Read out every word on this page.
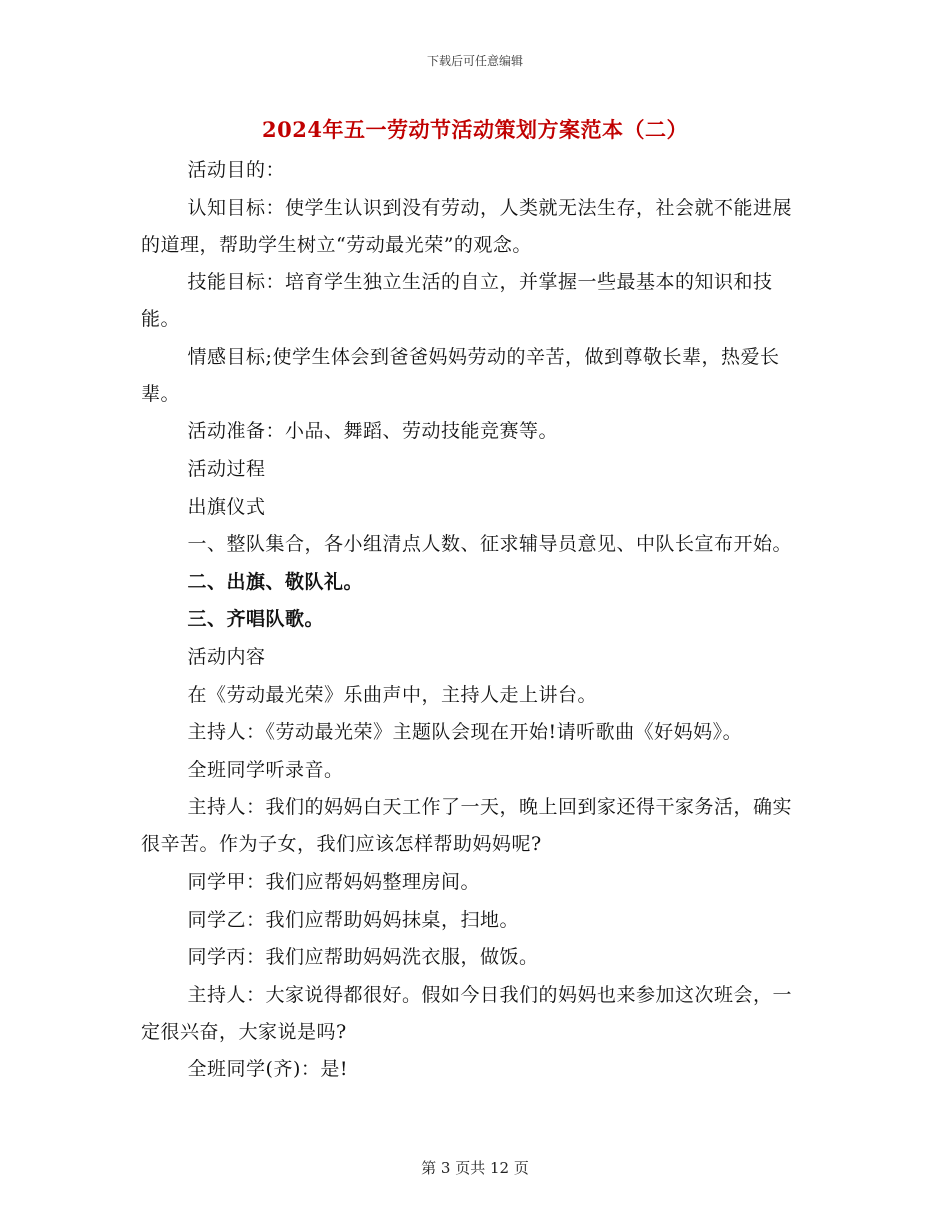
下载后可任意编辑
2024年五一劳动节活动策划方案范本（二）

活动目的：

认知目标：使学生认识到没有劳动，人类就无法生存，社会就不能进展的道理，帮助学生树立“劳动最光荣”的观念。

技能目标：培育学生独立生活的自立，并掌握一些最基本的知识和技能。

情感目标;使学生体会到爸爸妈妈劳动的辛苦，做到尊敬长辈，热爱长辈。

活动准备：小品、舞蹈、劳动技能竞赛等。

活动过程

出旗仪式

一、整队集合，各小组清点人数、征求辅导员意见、中队长宣布开始。

二、出旗、敬队礼。

三、齐唱队歌。

活动内容

在《劳动最光荣》乐曲声中，主持人走上讲台。

主持人：《劳动最光荣》主题队会现在开始!请听歌曲《好妈妈》。

全班同学听录音。

主持人：我们的妈妈白天工作了一天，晚上回到家还得干家务活，确实很辛苦。作为子女，我们应该怎样帮助妈妈呢?

同学甲：我们应帮妈妈整理房间。

同学乙：我们应帮助妈妈抹桌，扫地。

同学丙：我们应帮助妈妈洗衣服，做饭。

主持人：大家说得都很好。假如今日我们的妈妈也来参加这次班会，一定很兴奋，大家说是吗?

全班同学(齐)：是!

第 3 页共 12 页
